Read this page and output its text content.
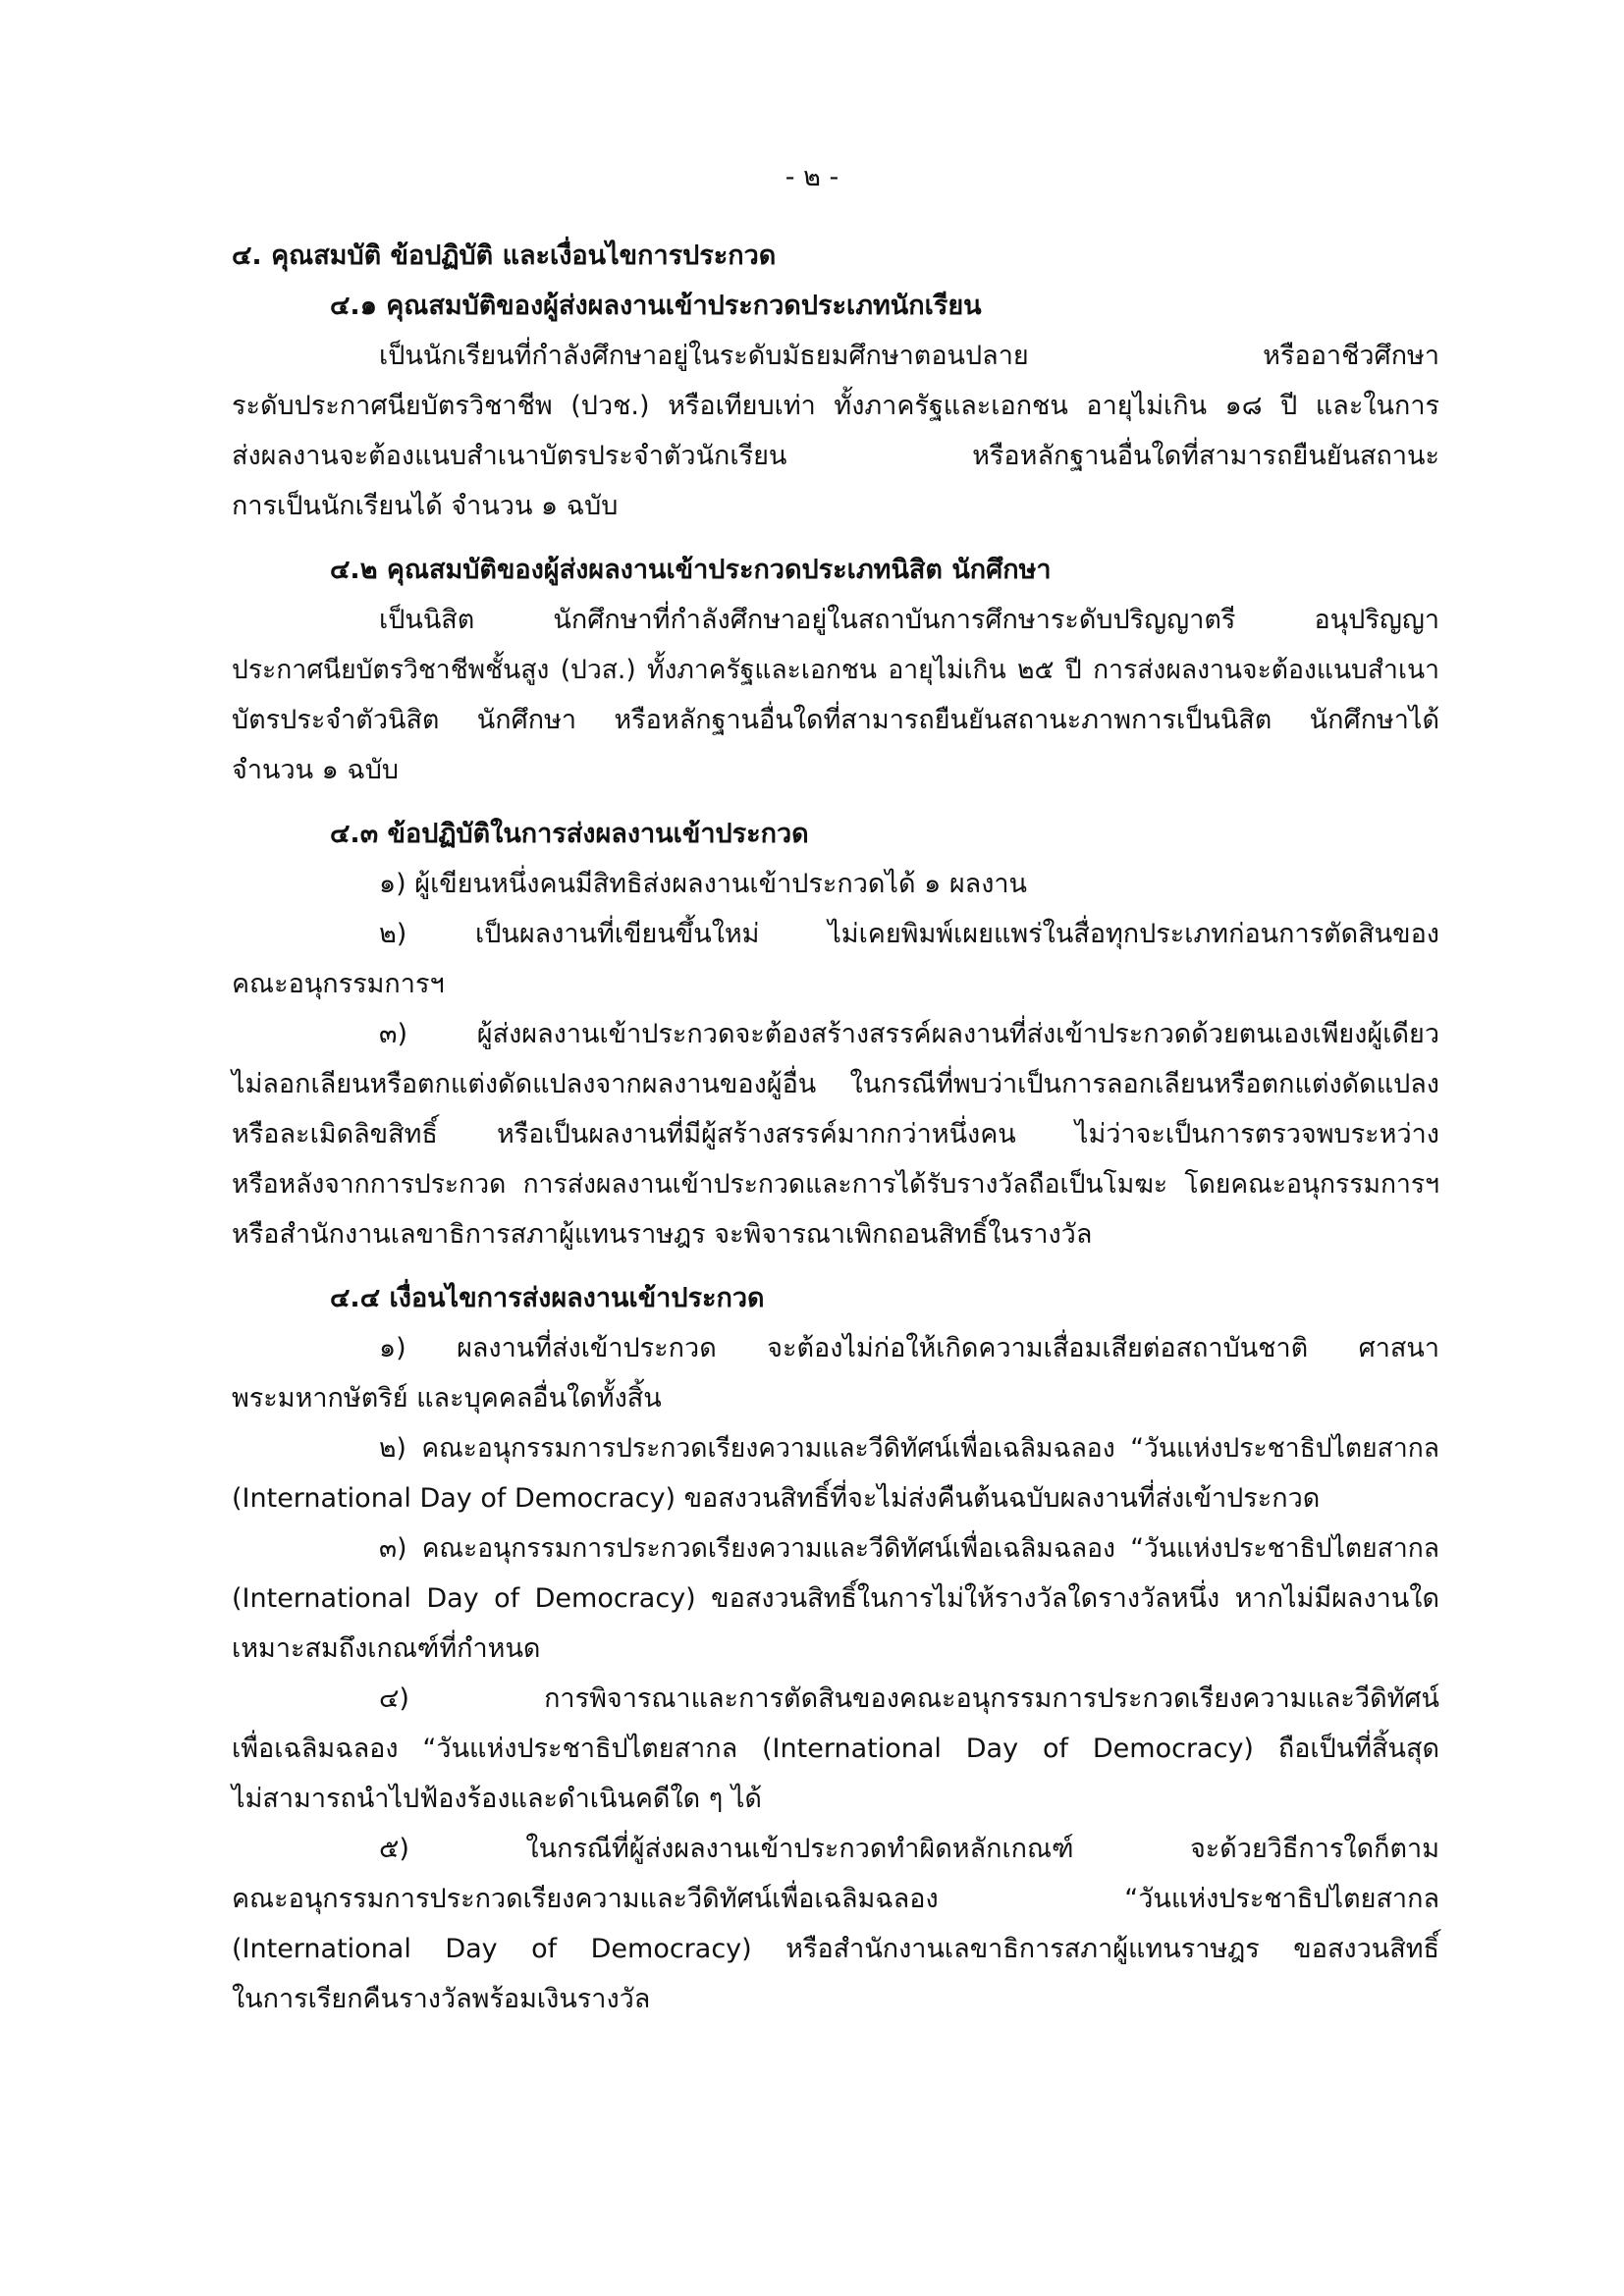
- ๒ -
๔. คุณสมบัติ ข้อปฏิบัติ และเงื่อนไขการประกวด
๔.๑ คุณสมบัติของผู้ส่งผลงานเข้าประกวดประเภทนักเรียน
เป็นนักเรียนที่กำลังศึกษาอยู่ในระดับมัธยมศึกษาตอนปลาย หรืออาชีวศึกษา
ระดับประกาศนียบัตรวิชาชีพ (ปวช.) หรือเทียบเท่า ทั้งภาครัฐและเอกชน อายุไม่เกิน ๑๘ ปี และในการ
ส่งผลงานจะต้องแนบสำเนาบัตรประจำตัวนักเรียน หรือหลักฐานอื่นใดที่สามารถยืนยันสถานะ
การเป็นนักเรียนได้ จำนวน ๑ ฉบับ
๔.๒ คุณสมบัติของผู้ส่งผลงานเข้าประกวดประเภทนิสิต นักศึกษา
เป็นนิสิต นักศึกษาที่กำลังศึกษาอยู่ในสถาบันการศึกษาระดับปริญญาตรี อนุปริญญา
ประกาศนียบัตรวิชาชีพชั้นสูง (ปวส.) ทั้งภาครัฐและเอกชน อายุไม่เกิน ๒๕ ปี การส่งผลงานจะต้องแนบสำเนา
บัตรประจำตัวนิสิต นักศึกษา หรือหลักฐานอื่นใดที่สามารถยืนยันสถานะภาพการเป็นนิสิต นักศึกษาได้
จำนวน ๑ ฉบับ
๔.๓ ข้อปฏิบัติในการส่งผลงานเข้าประกวด
๑) ผู้เขียนหนึ่งคนมีสิทธิส่งผลงานเข้าประกวดได้ ๑ ผลงาน
๒) เป็นผลงานที่เขียนขึ้นใหม่ ไม่เคยพิมพ์เผยแพร่ในสื่อทุกประเภทก่อนการตัดสินของ
คณะอนุกรรมการฯ
๓) ผู้ส่งผลงานเข้าประกวดจะต้องสร้างสรรค์ผลงานที่ส่งเข้าประกวดด้วยตนเองเพียงผู้เดียว
ไม่ลอกเลียนหรือตกแต่งดัดแปลงจากผลงานของผู้อื่น ในกรณีที่พบว่าเป็นการลอกเลียนหรือตกแต่งดัดแปลง
หรือละเมิดลิขสิทธิ์ หรือเป็นผลงานที่มีผู้สร้างสรรค์มากกว่าหนึ่งคน ไม่ว่าจะเป็นการตรวจพบระหว่าง
หรือหลังจากการประกวด การส่งผลงานเข้าประกวดและการได้รับรางวัลถือเป็นโมฆะ โดยคณะอนุกรรมการฯ
หรือสำนักงานเลขาธิการสภาผู้แทนราษฎร จะพิจารณาเพิกถอนสิทธิ์ในรางวัล
๔.๔ เงื่อนไขการส่งผลงานเข้าประกวด
๑) ผลงานที่ส่งเข้าประกวด จะต้องไม่ก่อให้เกิดความเสื่อมเสียต่อสถาบันชาติ ศาสนา
พระมหากษัตริย์ และบุคคลอื่นใดทั้งสิ้น
๒) คณะอนุกรรมการประกวดเรียงความและวีดิทัศน์เพื่อเฉลิมฉลอง “วันแห่งประชาธิปไตยสากล
(International Day of Democracy) ขอสงวนสิทธิ์ที่จะไม่ส่งคืนต้นฉบับผลงานที่ส่งเข้าประกวด
๓) คณะอนุกรรมการประกวดเรียงความและวีดิทัศน์เพื่อเฉลิมฉลอง “วันแห่งประชาธิปไตยสากล
(International Day of Democracy) ขอสงวนสิทธิ์ในการไม่ให้รางวัลใดรางวัลหนึ่ง หากไม่มีผลงานใด
เหมาะสมถึงเกณฑ์ที่กำหนด
๔) การพิจารณาและการตัดสินของคณะอนุกรรมการประกวดเรียงความและวีดิทัศน์
เพื่อเฉลิมฉลอง “วันแห่งประชาธิปไตยสากล (International Day of Democracy) ถือเป็นที่สิ้นสุด
ไม่สามารถนำไปฟ้องร้องและดำเนินคดีใด ๆ ได้
๕) ในกรณีที่ผู้ส่งผลงานเข้าประกวดทำผิดหลักเกณฑ์ จะด้วยวิธีการใดก็ตาม
คณะอนุกรรมการประกวดเรียงความและวีดิทัศน์เพื่อเฉลิมฉลอง “วันแห่งประชาธิปไตยสากล
(International Day of Democracy) หรือสำนักงานเลขาธิการสภาผู้แทนราษฎร ขอสงวนสิทธิ์
ในการเรียกคืนรางวัลพร้อมเงินรางวัล
